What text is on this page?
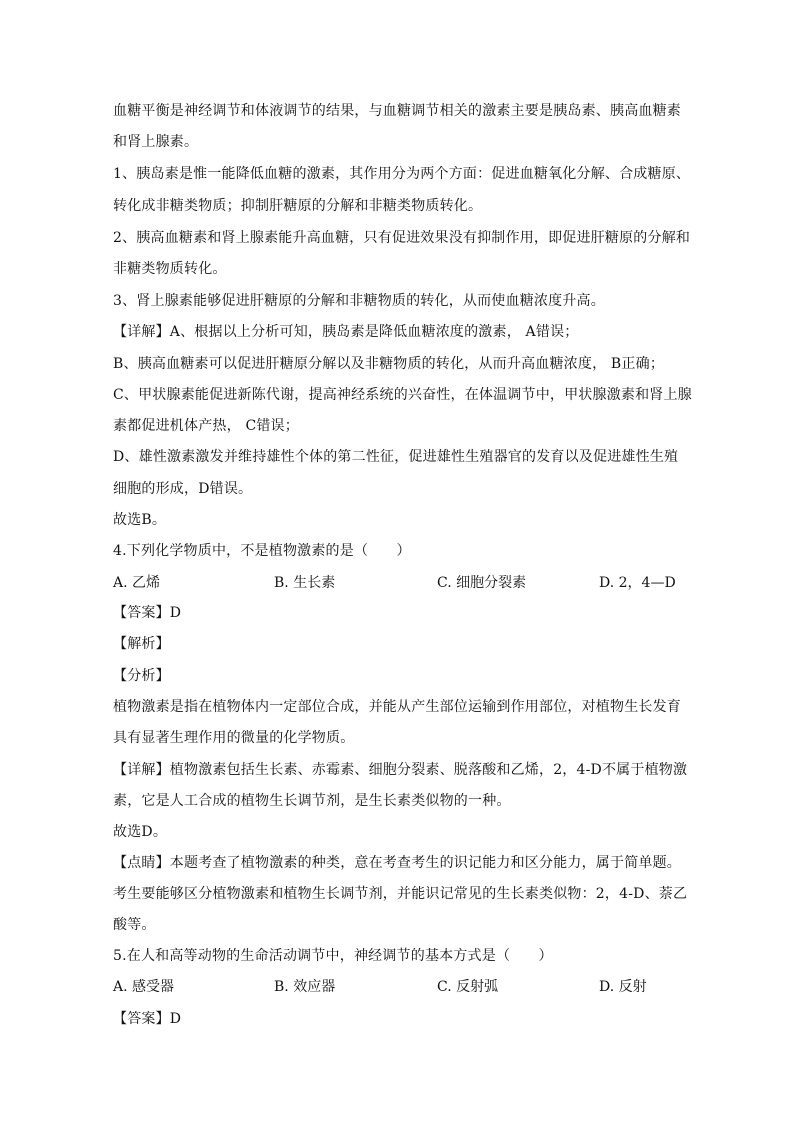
血糖平衡是神经调节和体液调节的结果，与血糖调节相关的激素主要是胰岛素、胰高血糖素
和肾上腺素。
1、胰岛素是惟一能降低血糖的激素，其作用分为两个方面：促进血糖氧化分解、合成糖原、
转化成非糖类物质；抑制肝糖原的分解和非糖类物质转化。
2、胰高血糖素和肾上腺素能升高血糖，只有促进效果没有抑制作用，即促进肝糖原的分解和
非糖类物质转化。
3、肾上腺素能够促进肝糖原的分解和非糖物质的转化，从而使血糖浓度升高。
【详解】A、根据以上分析可知，胰岛素是降低血糖浓度的激素， A错误；
B、胰高血糖素可以促进肝糖原分解以及非糖物质的转化，从而升高血糖浓度， B正确；
C、甲状腺素能促进新陈代谢，提高神经系统的兴奋性，在体温调节中，甲状腺激素和肾上腺
素都促进机体产热， C错误；
D、雄性激素激发并维持雄性个体的第二性征，促进雄性生殖器官的发育以及促进雄性生殖
细胞的形成，D错误。
故选B。
4.下列化学物质中，不是植物激素的是（　　）
A. 乙烯	B. 生长素	C. 细胞分裂素	D. 2，4—D
【答案】D
【解析】
【分析】
植物激素是指在植物体内一定部位合成，并能从产生部位运输到作用部位，对植物生长发育
具有显著生理作用的微量的化学物质。
【详解】植物激素包括生长素、赤霉素、细胞分裂素、脱落酸和乙烯，2，4-D不属于植物激
素，它是人工合成的植物生长调节剂，是生长素类似物的一种。
故选D。
【点睛】本题考查了植物激素的种类，意在考查考生的识记能力和区分能力，属于简单题。
考生要能够区分植物激素和植物生长调节剂，并能识记常见的生长素类似物：2，4-D、萘乙
酸等。
5.在人和高等动物的生命活动调节中，神经调节的基本方式是（　　）
A. 感受器	B. 效应器	C. 反射弧	D. 反射
【答案】D
